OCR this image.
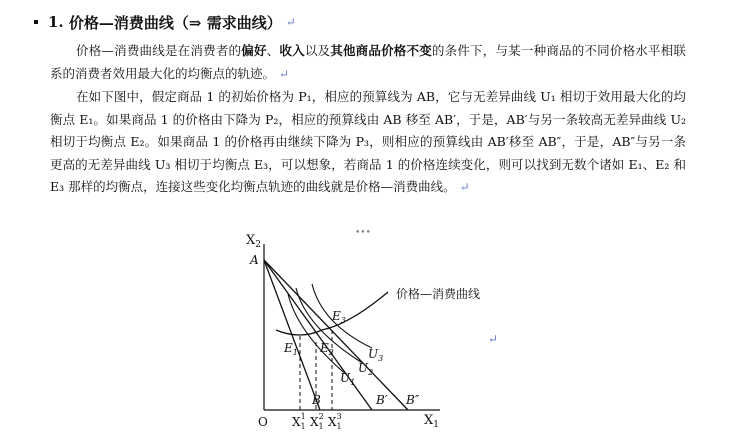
1.
价格—消费曲线（⇒ 需求曲线） ↵

价格—消费曲线是在消费者的偏好、收入以及其他商品价格不变的条件下，与某一种商品的不同价格水平相联系的消费者效用最大化的均衡点的轨迹。 ↵

在如下图中，假定商品 1 的初始价格为 P₁，相应的预算线为 AB，它与无差异曲线 U₁ 相切于效用最大化的均衡点 E₁。如果商品 1 的价格由下降为 P₂，相应的预算线由 AB 移至 AB′，于是，AB′与另一条较高无差异曲线 U₂ 相切于均衡点 E₂。如果商品 1 的价格再由继续下降为 P₃，则相应的预算线由 AB′移至 AB″，于是，AB″与另一条更高的无差异曲线 U₃ 相切于均衡点 E₃，可以想象，若商品 1 的价格连续变化，则可以找到无数个诸如 E₁、E₂ 和 E₃ 那样的均衡点，连接这些变化均衡点轨迹的曲线就是价格—消费曲线。 ↵

•••
↵
$X_2$
A
O	$X_1$
B	B′ B″
价格—消费曲线
$E_1$ $E_2$
$E_3$
$U_1$
$U_2$
$U_3$
$X_11$ $X_12$ $X_13$
